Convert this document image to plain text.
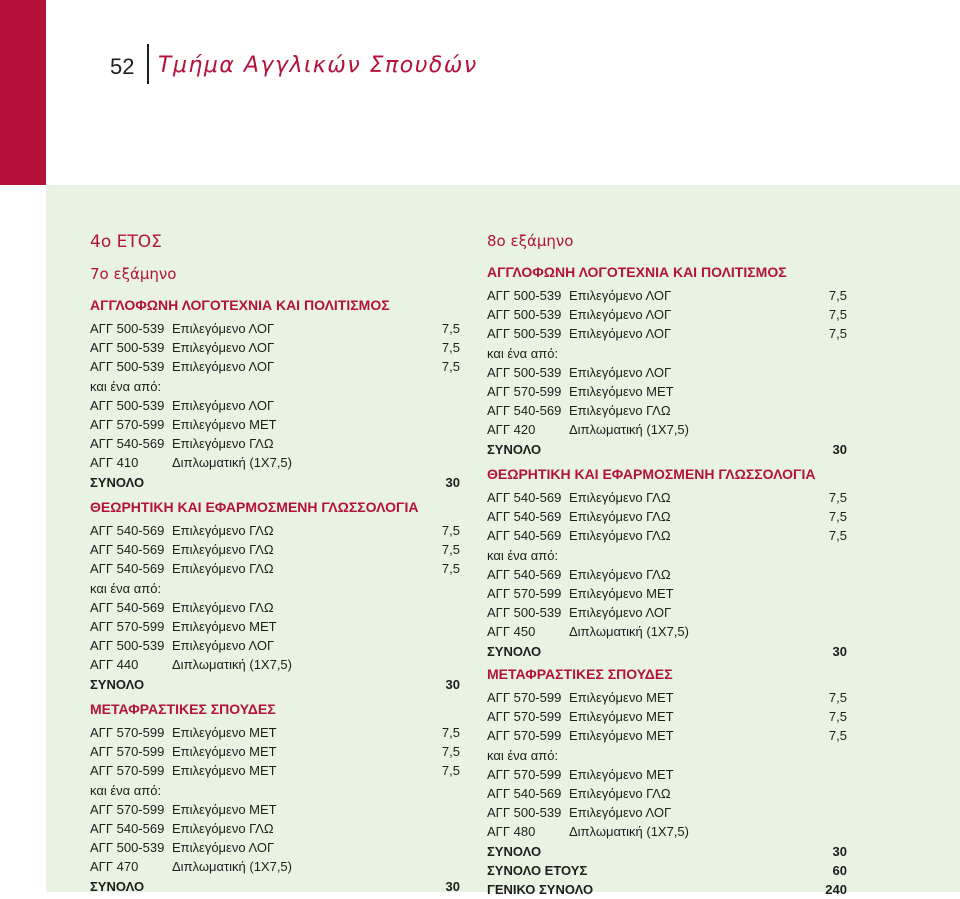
52 Τμήμα Αγγλικών Σπουδών
4ο ΕΤΟΣ
7ο εξάμηνο
ΑΓΓΛΟΦΩΝΗ ΛΟΓΟΤΕΧΝΙΑ ΚΑΙ ΠΟΛΙΤΙΣΜΟΣ
ΑΓΓ 500-539 Επιλεγόμενο ΛΟΓ	7,5
ΑΓΓ 500-539 Επιλεγόμενο ΛΟΓ	7,5
ΑΓΓ 500-539 Επιλεγόμενο ΛΟΓ	7,5
και ένα από:
ΑΓΓ 500-539 Επιλεγόμενο ΛΟΓ
ΑΓΓ 570-599 Επιλεγόμενο ΜΕΤ
ΑΓΓ 540-569 Επιλεγόμενο ΓΛΩ
ΑΓΓ 410	Διπλωματική (1Χ7,5)
ΣΥΝΟΛΟ	30
ΘΕΩΡΗΤΙΚΗ ΚΑΙ ΕΦΑΡΜΟΣΜΕΝΗ ΓΛΩΣΣΟΛΟΓΙΑ
ΑΓΓ 540-569 Επιλεγόμενο ΓΛΩ	7,5
ΑΓΓ 540-569 Επιλεγόμενο ΓΛΩ	7,5
ΑΓΓ 540-569 Επιλεγόμενο ΓΛΩ	7,5
και ένα από:
ΑΓΓ 540-569 Επιλεγόμενο ΓΛΩ
ΑΓΓ 570-599 Επιλεγόμενο ΜΕΤ
ΑΓΓ 500-539 Επιλεγόμενο ΛΟΓ
ΑΓΓ 440	Διπλωματική (1Χ7,5)
ΣΥΝΟΛΟ	30
ΜΕΤΑΦΡΑΣΤΙΚΕΣ ΣΠΟΥΔΕΣ
ΑΓΓ 570-599 Επιλεγόμενο ΜΕΤ	7,5
ΑΓΓ 570-599 Επιλεγόμενο ΜΕΤ	7,5
ΑΓΓ 570-599 Επιλεγόμενο ΜΕΤ	7,5
και ένα από:
ΑΓΓ 570-599 Επιλεγόμενο ΜΕΤ
ΑΓΓ 540-569 Επιλεγόμενο ΓΛΩ
ΑΓΓ 500-539 Επιλεγόμενο ΛΟΓ
ΑΓΓ 470	Διπλωματική (1Χ7,5)
ΣΥΝΟΛΟ	30
8ο εξάμηνο
ΑΓΓΛΟΦΩΝΗ ΛΟΓΟΤΕΧΝΙΑ ΚΑΙ ΠΟΛΙΤΙΣΜΟΣ
ΑΓΓ 500-539 Επιλεγόμενο ΛΟΓ	7,5
ΑΓΓ 500-539 Επιλεγόμενο ΛΟΓ	7,5
ΑΓΓ 500-539 Επιλεγόμενο ΛΟΓ	7,5
και ένα από:
ΑΓΓ 500-539 Επιλεγόμενο ΛΟΓ
ΑΓΓ 570-599 Επιλεγόμενο ΜΕΤ
ΑΓΓ 540-569 Επιλεγόμενο ΓΛΩ
ΑΓΓ 420	Διπλωματική (1Χ7,5)
ΣΥΝΟΛΟ	30
ΘΕΩΡΗΤΙΚΗ ΚΑΙ ΕΦΑΡΜΟΣΜΕΝΗ ΓΛΩΣΣΟΛΟΓΙΑ
ΑΓΓ 540-569 Επιλεγόμενο ΓΛΩ	7,5
ΑΓΓ 540-569 Επιλεγόμενο ΓΛΩ	7,5
ΑΓΓ 540-569 Επιλεγόμενο ΓΛΩ	7,5
και ένα από:
ΑΓΓ 540-569 Επιλεγόμενο ΓΛΩ
ΑΓΓ 570-599 Επιλεγόμενο ΜΕΤ
ΑΓΓ 500-539 Επιλεγόμενο ΛΟΓ
ΑΓΓ 450	Διπλωματική (1Χ7,5)
ΣΥΝΟΛΟ	30
ΜΕΤΑΦΡΑΣΤΙΚΕΣ ΣΠΟΥΔΕΣ
ΑΓΓ 570-599 Επιλεγόμενο ΜΕΤ	7,5
ΑΓΓ 570-599 Επιλεγόμενο ΜΕΤ	7,5
ΑΓΓ 570-599 Επιλεγόμενο ΜΕΤ	7,5
και ένα από:
ΑΓΓ 570-599 Επιλεγόμενο ΜΕΤ
ΑΓΓ 540-569 Επιλεγόμενο ΓΛΩ
ΑΓΓ 500-539 Επιλεγόμενο ΛΟΓ
ΑΓΓ 480	Διπλωματική (1Χ7,5)
ΣΥΝΟΛΟ	30
ΣΥΝΟΛΟ ΕΤΟΥΣ	60
ΓΕΝΙΚΟ ΣΥΝΟΛΟ	240
